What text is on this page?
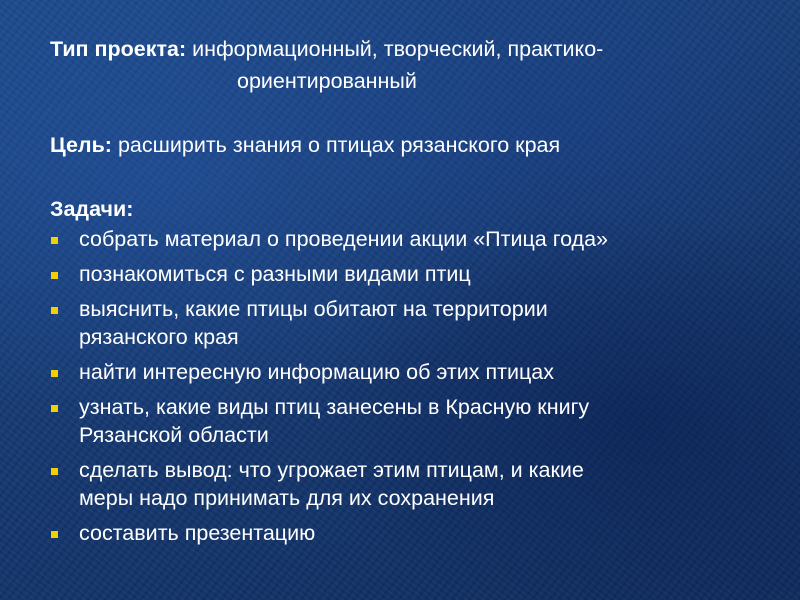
Тип проекта: информационный, творческий, практико-
ориентированный
Цель: расширить знания о птицах рязанского края
Задачи:
собрать материал о проведении акции «Птица года»
познакомиться с разными видами птиц
выяснить, какие птицы обитают на территории
рязанского края
найти интересную информацию об этих птицах
узнать, какие виды птиц занесены в Красную книгу
Рязанской области
сделать вывод: что угрожает этим птицам, и какие
меры надо принимать для их сохранения
составить презентацию
